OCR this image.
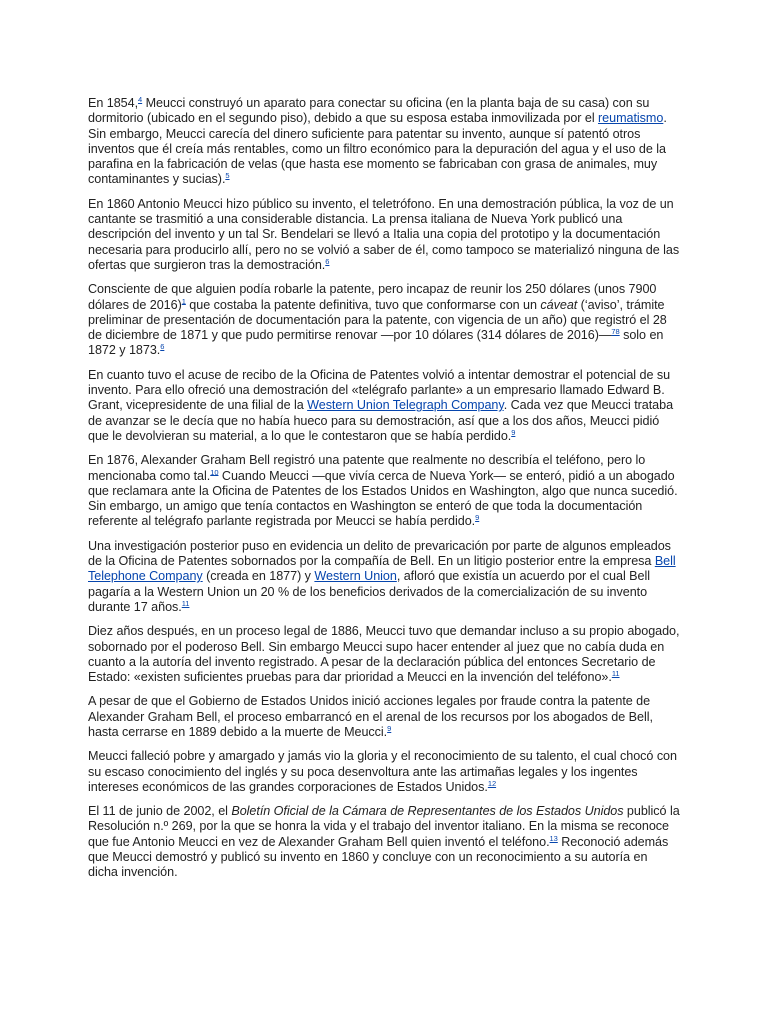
En 1854,$^4$ Meucci construyó un aparato para conectar su oficina (en la planta baja de su casa) con su dormitorio (ubicado en el segundo piso), debido a que su esposa estaba inmovilizada por el reumatismo. Sin embargo, Meucci carecía del dinero suficiente para patentar su invento, aunque sí patentó otros inventos que él creía más rentables, como un filtro económico para la depuración del agua y el uso de la parafina en la fabricación de velas (que hasta ese momento se fabricaban con grasa de animales, muy contaminantes y sucias).$^5$

En 1860 Antonio Meucci hizo público su invento, el teletrófono. En una demostración pública, la voz de un cantante se trasmitió a una considerable distancia. La prensa italiana de Nueva York publicó una descripción del invento y un tal Sr. Bendelari se llevó a Italia una copia del prototipo y la documentación necesaria para producirlo allí, pero no se volvió a saber de él, como tampoco se materializó ninguna de las ofertas que surgieron tras la demostración.$^6$

Consciente de que alguien podía robarle la patente, pero incapaz de reunir los 250 dólares (unos 7900 dólares de 2016)$^1$ que costaba la patente definitiva, tuvo que conformarse con un cáveat (‘aviso’, trámite preliminar de presentación de documentación para la patente, con vigencia de un año) que registró el 28 de diciembre de 1871 y que pudo permitirse renovar —por 10 dólares (314 dólares de 2016)—$^{78}$ solo en 1872 y 1873.$^6$

En cuanto tuvo el acuse de recibo de la Oficina de Patentes volvió a intentar demostrar el potencial de su invento. Para ello ofreció una demostración del «telégrafo parlante» a un empresario llamado Edward B. Grant, vicepresidente de una filial de la Western Union Telegraph Company. Cada vez que Meucci trataba de avanzar se le decía que no había hueco para su demostración, así que a los dos años, Meucci pidió que le devolvieran su material, a lo que le contestaron que se había perdido.$^9$

En 1876, Alexander Graham Bell registró una patente que realmente no describía el teléfono, pero lo mencionaba como tal.$^{10}$ Cuando Meucci —que vivía cerca de Nueva York— se enteró, pidió a un abogado que reclamara ante la Oficina de Patentes de los Estados Unidos en Washington, algo que nunca sucedió. Sin embargo, un amigo que tenía contactos en Washington se enteró de que toda la documentación referente al telégrafo parlante registrada por Meucci se había perdido.$^9$

Una investigación posterior puso en evidencia un delito de prevaricación por parte de algunos empleados de la Oficina de Patentes sobornados por la compañía de Bell. En un litigio posterior entre la empresa Bell Telephone Company (creada en 1877) y Western Union, afloró que existía un acuerdo por el cual Bell pagaría a la Western Union un 20 % de los beneficios derivados de la comercialización de su invento durante 17 años.$^{11}$

Diez años después, en un proceso legal de 1886, Meucci tuvo que demandar incluso a su propio abogado, sobornado por el poderoso Bell. Sin embargo Meucci supo hacer entender al juez que no cabía duda en cuanto a la autoría del invento registrado. A pesar de la declaración pública del entonces Secretario de Estado: «existen suficientes pruebas para dar prioridad a Meucci en la invención del teléfono».$^{11}$

A pesar de que el Gobierno de Estados Unidos inició acciones legales por fraude contra la patente de Alexander Graham Bell, el proceso embarrancó en el arenal de los recursos por los abogados de Bell, hasta cerrarse en 1889 debido a la muerte de Meucci.$^9$

Meucci falleció pobre y amargado y jamás vio la gloria y el reconocimiento de su talento, el cual chocó con su escaso conocimiento del inglés y su poca desenvoltura ante las artimañas legales y los ingentes intereses económicos de las grandes corporaciones de Estados Unidos.$^{12}$

El 11 de junio de 2002, el Boletín Oficial de la Cámara de Representantes de los Estados Unidos publicó la Resolución n.º 269, por la que se honra la vida y el trabajo del inventor italiano. En la misma se reconoce que fue Antonio Meucci en vez de Alexander Graham Bell quien inventó el teléfono.$^{13}$ Reconoció además que Meucci demostró y publicó su invento en 1860 y concluye con un reconocimiento a su autoría en dicha invención.
